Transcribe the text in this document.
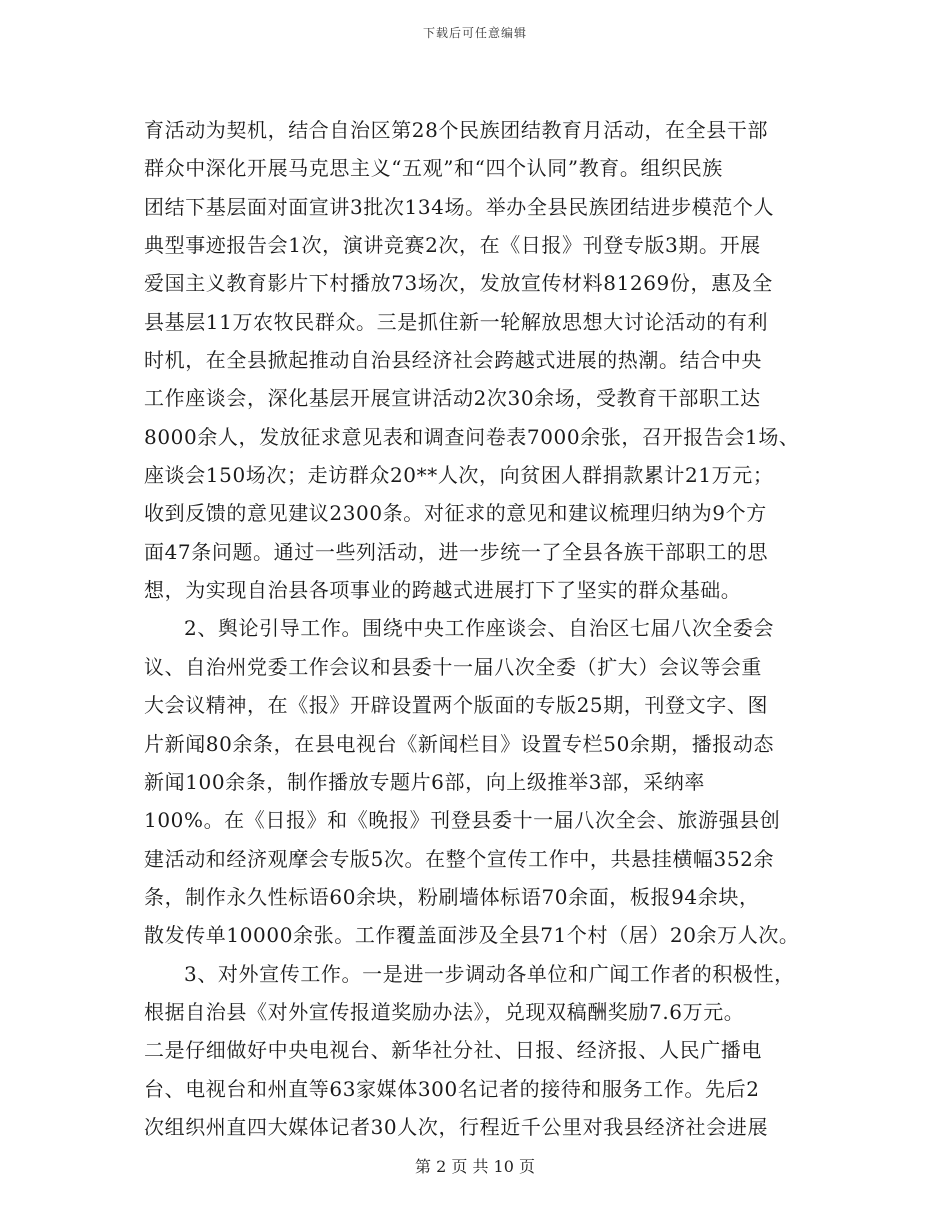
下载后可任意编辑
育活动为契机，结合自治区第28个民族团结教育月活动，在全县干部
群众中深化开展马克思主义“五观”和“四个认同”教育。组织民族
团结下基层面对面宣讲3批次134场。举办全县民族团结进步模范个人
典型事迹报告会1次，演讲竞赛2次，在《日报》刊登专版3期。开展
爱国主义教育影片下村播放73场次，发放宣传材料81269份，惠及全
县基层11万农牧民群众。三是抓住新一轮解放思想大讨论活动的有利
时机，在全县掀起推动自治县经济社会跨越式进展的热潮。结合中央
工作座谈会，深化基层开展宣讲活动2次30余场，受教育干部职工达
8000余人，发放征求意见表和调查问卷表7000余张，召开报告会1场、
座谈会150场次；走访群众20**人次，向贫困人群捐款累计21万元；
收到反馈的意见建议2300条。对征求的意见和建议梳理归纳为9个方
面47条问题。通过一些列活动，进一步统一了全县各族干部职工的思
想，为实现自治县各项事业的跨越式进展打下了坚实的群众基础。
2、舆论引导工作。围绕中央工作座谈会、自治区七届八次全委会
议、自治州党委工作会议和县委十一届八次全委（扩大）会议等会重
大会议精神，在《报》开辟设置两个版面的专版25期，刊登文字、图
片新闻80余条，在县电视台《新闻栏目》设置专栏50余期，播报动态
新闻100余条，制作播放专题片6部，向上级推举3部，采纳率
100%。在《日报》和《晚报》刊登县委十一届八次全会、旅游强县创
建活动和经济观摩会专版5次。在整个宣传工作中，共悬挂横幅352余
条，制作永久性标语60余块，粉刷墙体标语70余面，板报94余块，
散发传单10000余张。工作覆盖面涉及全县71个村（居）20余万人次。
3、对外宣传工作。一是进一步调动各单位和广闻工作者的积极性，
根据自治县《对外宣传报道奖励办法》，兑现双稿酬奖励7.6万元。
二是仔细做好中央电视台、新华社分社、日报、经济报、人民广播电
台、电视台和州直等63家媒体300名记者的接待和服务工作。先后2
次组织州直四大媒体记者30人次，行程近千公里对我县经济社会进展
第 2 页 共 10 页
